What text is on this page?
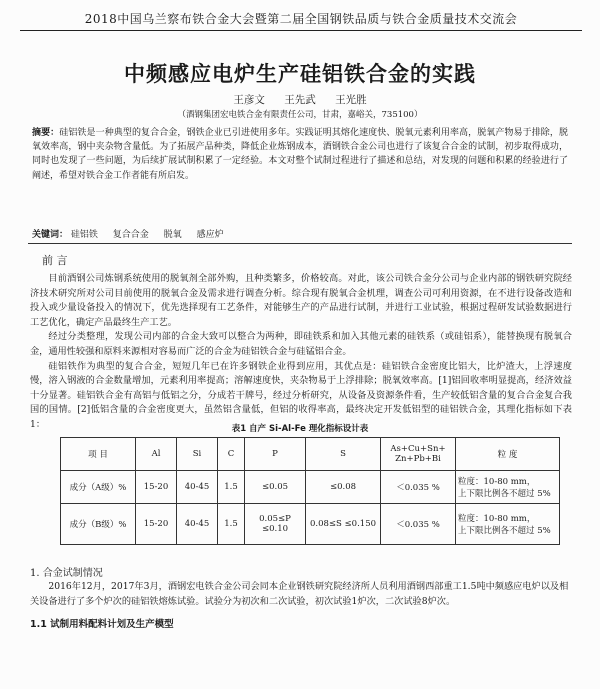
2018中国乌兰察布铁合金大会暨第二届全国钢铁品质与铁合金质量技术交流会
中频感应电炉生产硅铝铁合金的实践
王彦文 王先武 王光胜
（酒钢集团宏电铁合金有限责任公司，甘肃，嘉峪关，735100）
摘要：硅铝铁是一种典型的复合合金，钢铁企业已引进使用多年。实践证明其熔化速度快、脱氧元素利用率高，脱氧产物易于排除，脱氧效率高，钢中夹杂物含量低。为了拓展产品种类，降低企业炼钢成本，酒钢铁合金公司也进行了该复合合金的试制，初步取得成功，同时也发现了一些问题，为后续扩展试制积累了一定经验。本文对整个试制过程进行了描述和总结，对发现的问题和积累的经验进行了阐述，希望对铁合金工作者能有所启发。
关键词： 硅铝铁 复合合金 脱氧 感应炉
前 言

目前酒钢公司炼钢系统使用的脱氧剂全部外购，且种类繁多，价格较高。对此，该公司铁合金分公司与企业内部的钢铁研究院经济技术研究所对公司目前使用的脱氧合金及需求进行调查分析。综合现有脱氧合金机理，调查公司可利用资源，在不进行设备改造和投入或少量设备投入的情况下，优先选择现有工艺条件，对能够生产的产品进行试制，并进行工业试验，根据过程研发试验数据进行工艺优化，确定产品最终生产工艺。

经过分类整理，发现公司内部的合金大致可以整合为两种，即硅铁系和加入其他元素的硅铁系（或硅铝系），能替换现有脱氧合金，通用性较强和原料来源相对容易而广泛的合金为硅铝铁合金与硅锰铝合金。

硅铝铁作为典型的复合合金，短短几年已在许多钢铁企业得到应用，其优点是：硅铝铁合金密度比铝大，比炉渣大，上浮速度慢，溶入钢液的合金数量增加，元素利用率提高；溶解速度快，夹杂物易于上浮排除；脱氧效率高。[1]铝回收率明显提高，经济效益十分显著。硅铝铁合金有高铝与低铝之分，分成若干牌号，经过分析研究，从设备及资源条件看，生产较低铝含量的复合合金复合我国的国情。[2]低铝含量的合金密度更大，虽然铝含量低，但铝的收得率高，最终决定开发低铝型的硅铝铁合金，其理化指标如下表1：	表1 自产 Si-Al-Fe 理化指标设计表
项 目	Al	Si	C	P	S	As+Cu+Sn+ Zn+Pb+Bi	粒 度
成分（A级）%	15-20	40-45	1.5	≤0.05	≤0.08	＜0.035 %	粒度：10-80 mm，
上下限比例各不超过 5%

成分（B级）%	15-20	40-45	1.5	0.05≤P ≤0.10	0.08≤S ≤0.150	＜0.035 %	粒度：10-80 mm，
上下限比例各不超过 5%
1. 合金试制情况

2016年12月，2017年3月，酒钢宏电铁合金公司会同本企业钢铁研究院经济所人员利用酒钢西部重工1.5吨中频感应电炉以及相关设备进行了多个炉次的硅铝铁熔炼试验。试验分为初次和二次试验，初次试验1炉次，二次试验8炉次。

1.1 试制用料配料计划及生产模型
